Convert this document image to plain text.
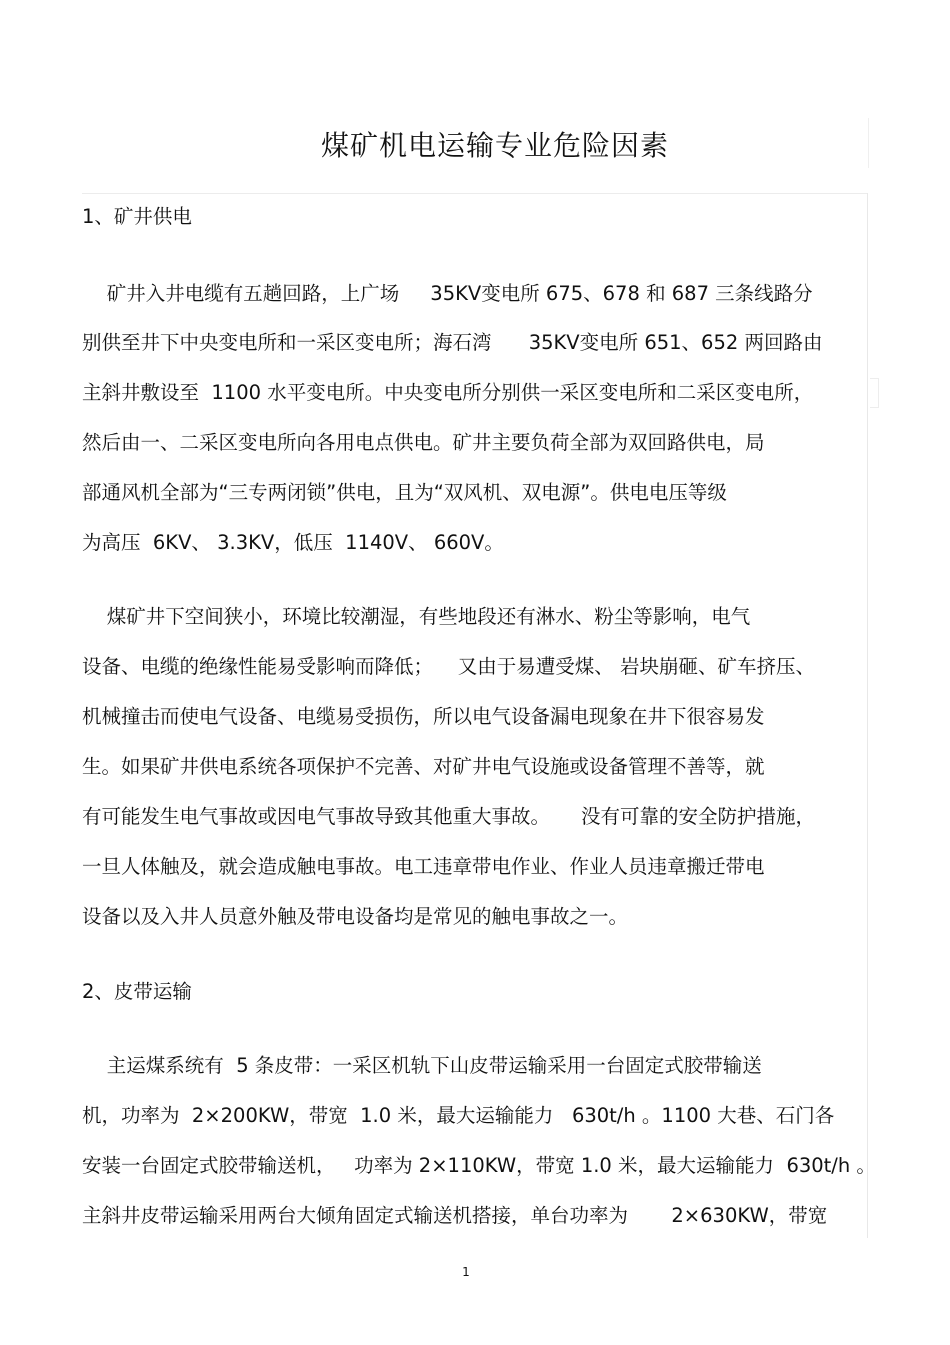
煤矿机电运输专业危险因素
1、矿井供电
矿井入井电缆有五趟回路，上广场     35KV变电所 675、678 和 687 三条线路分
别供至井下中央变电所和一采区变电所；海石湾      35KV变电所 651、652 两回路由
主斜井敷设至  1100 水平变电所。中央变电所分别供一采区变电所和二采区变电所，
然后由一、二采区变电所向各用电点供电。矿井主要负荷全部为双回路供电，局
部通风机全部为“三专两闭锁”供电，且为“双风机、双电源”。供电电压等级
为高压  6KV、 3.3KV，低压  1140V、 660V。
煤矿井下空间狭小，环境比较潮湿，有些地段还有淋水、粉尘等影响，电气
设备、电缆的绝缘性能易受影响而降低；    又由于易遭受煤、 岩块崩砸、矿车挤压、
机械撞击而使电气设备、电缆易受损伤，所以电气设备漏电现象在井下很容易发
生。如果矿井供电系统各项保护不完善、对矿井电气设施或设备管理不善等，就
有可能发生电气事故或因电气事故导致其他重大事故。     没有可靠的安全防护措施，
一旦人体触及，就会造成触电事故。电工违章带电作业、作业人员违章搬迁带电
设备以及入井人员意外触及带电设备均是常见的触电事故之一。
2、皮带运输
主运煤系统有  5 条皮带：一采区机轨下山皮带运输采用一台固定式胶带输送
机，功率为  2×200KW，带宽  1.0 米，最大运输能力   630t/h 。1100 大巷、石门各
安装一台固定式胶带输送机，   功率为 2×110KW，带宽 1.0 米，最大运输能力  630t/h 。
主斜井皮带运输采用两台大倾角固定式输送机搭接，单台功率为       2×630KW，带宽
1
